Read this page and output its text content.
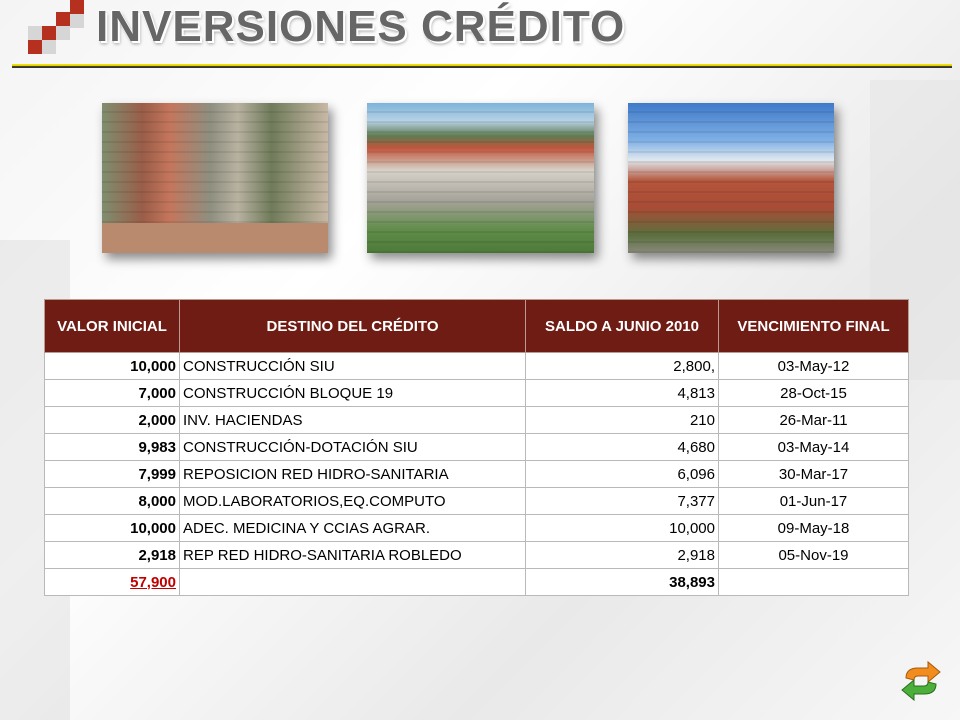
INVERSIONES CRÉDITO
VALOR INICIAL	DESTINO DEL CRÉDITO	SALDO A JUNIO 2010	VENCIMIENTO FINAL
10,000	CONSTRUCCIÓN SIU	2,800,	03-May-12
7,000	CONSTRUCCIÓN BLOQUE 19	4,813	28-Oct-15
2,000	INV. HACIENDAS	210	26-Mar-11
9,983	CONSTRUCCIÓN-DOTACIÓN SIU	4,680	03-May-14
7,999	REPOSICION RED HIDRO-SANITARIA	6,096	30-Mar-17
8,000	MOD.LABORATORIOS,EQ.COMPUTO	7,377	01-Jun-17
10,000	ADEC. MEDICINA Y CCIAS AGRAR.	10,000	09-May-18
2,918	REP RED HIDRO-SANITARIA ROBLEDO	2,918	05-Nov-19
57,900		38,893	
